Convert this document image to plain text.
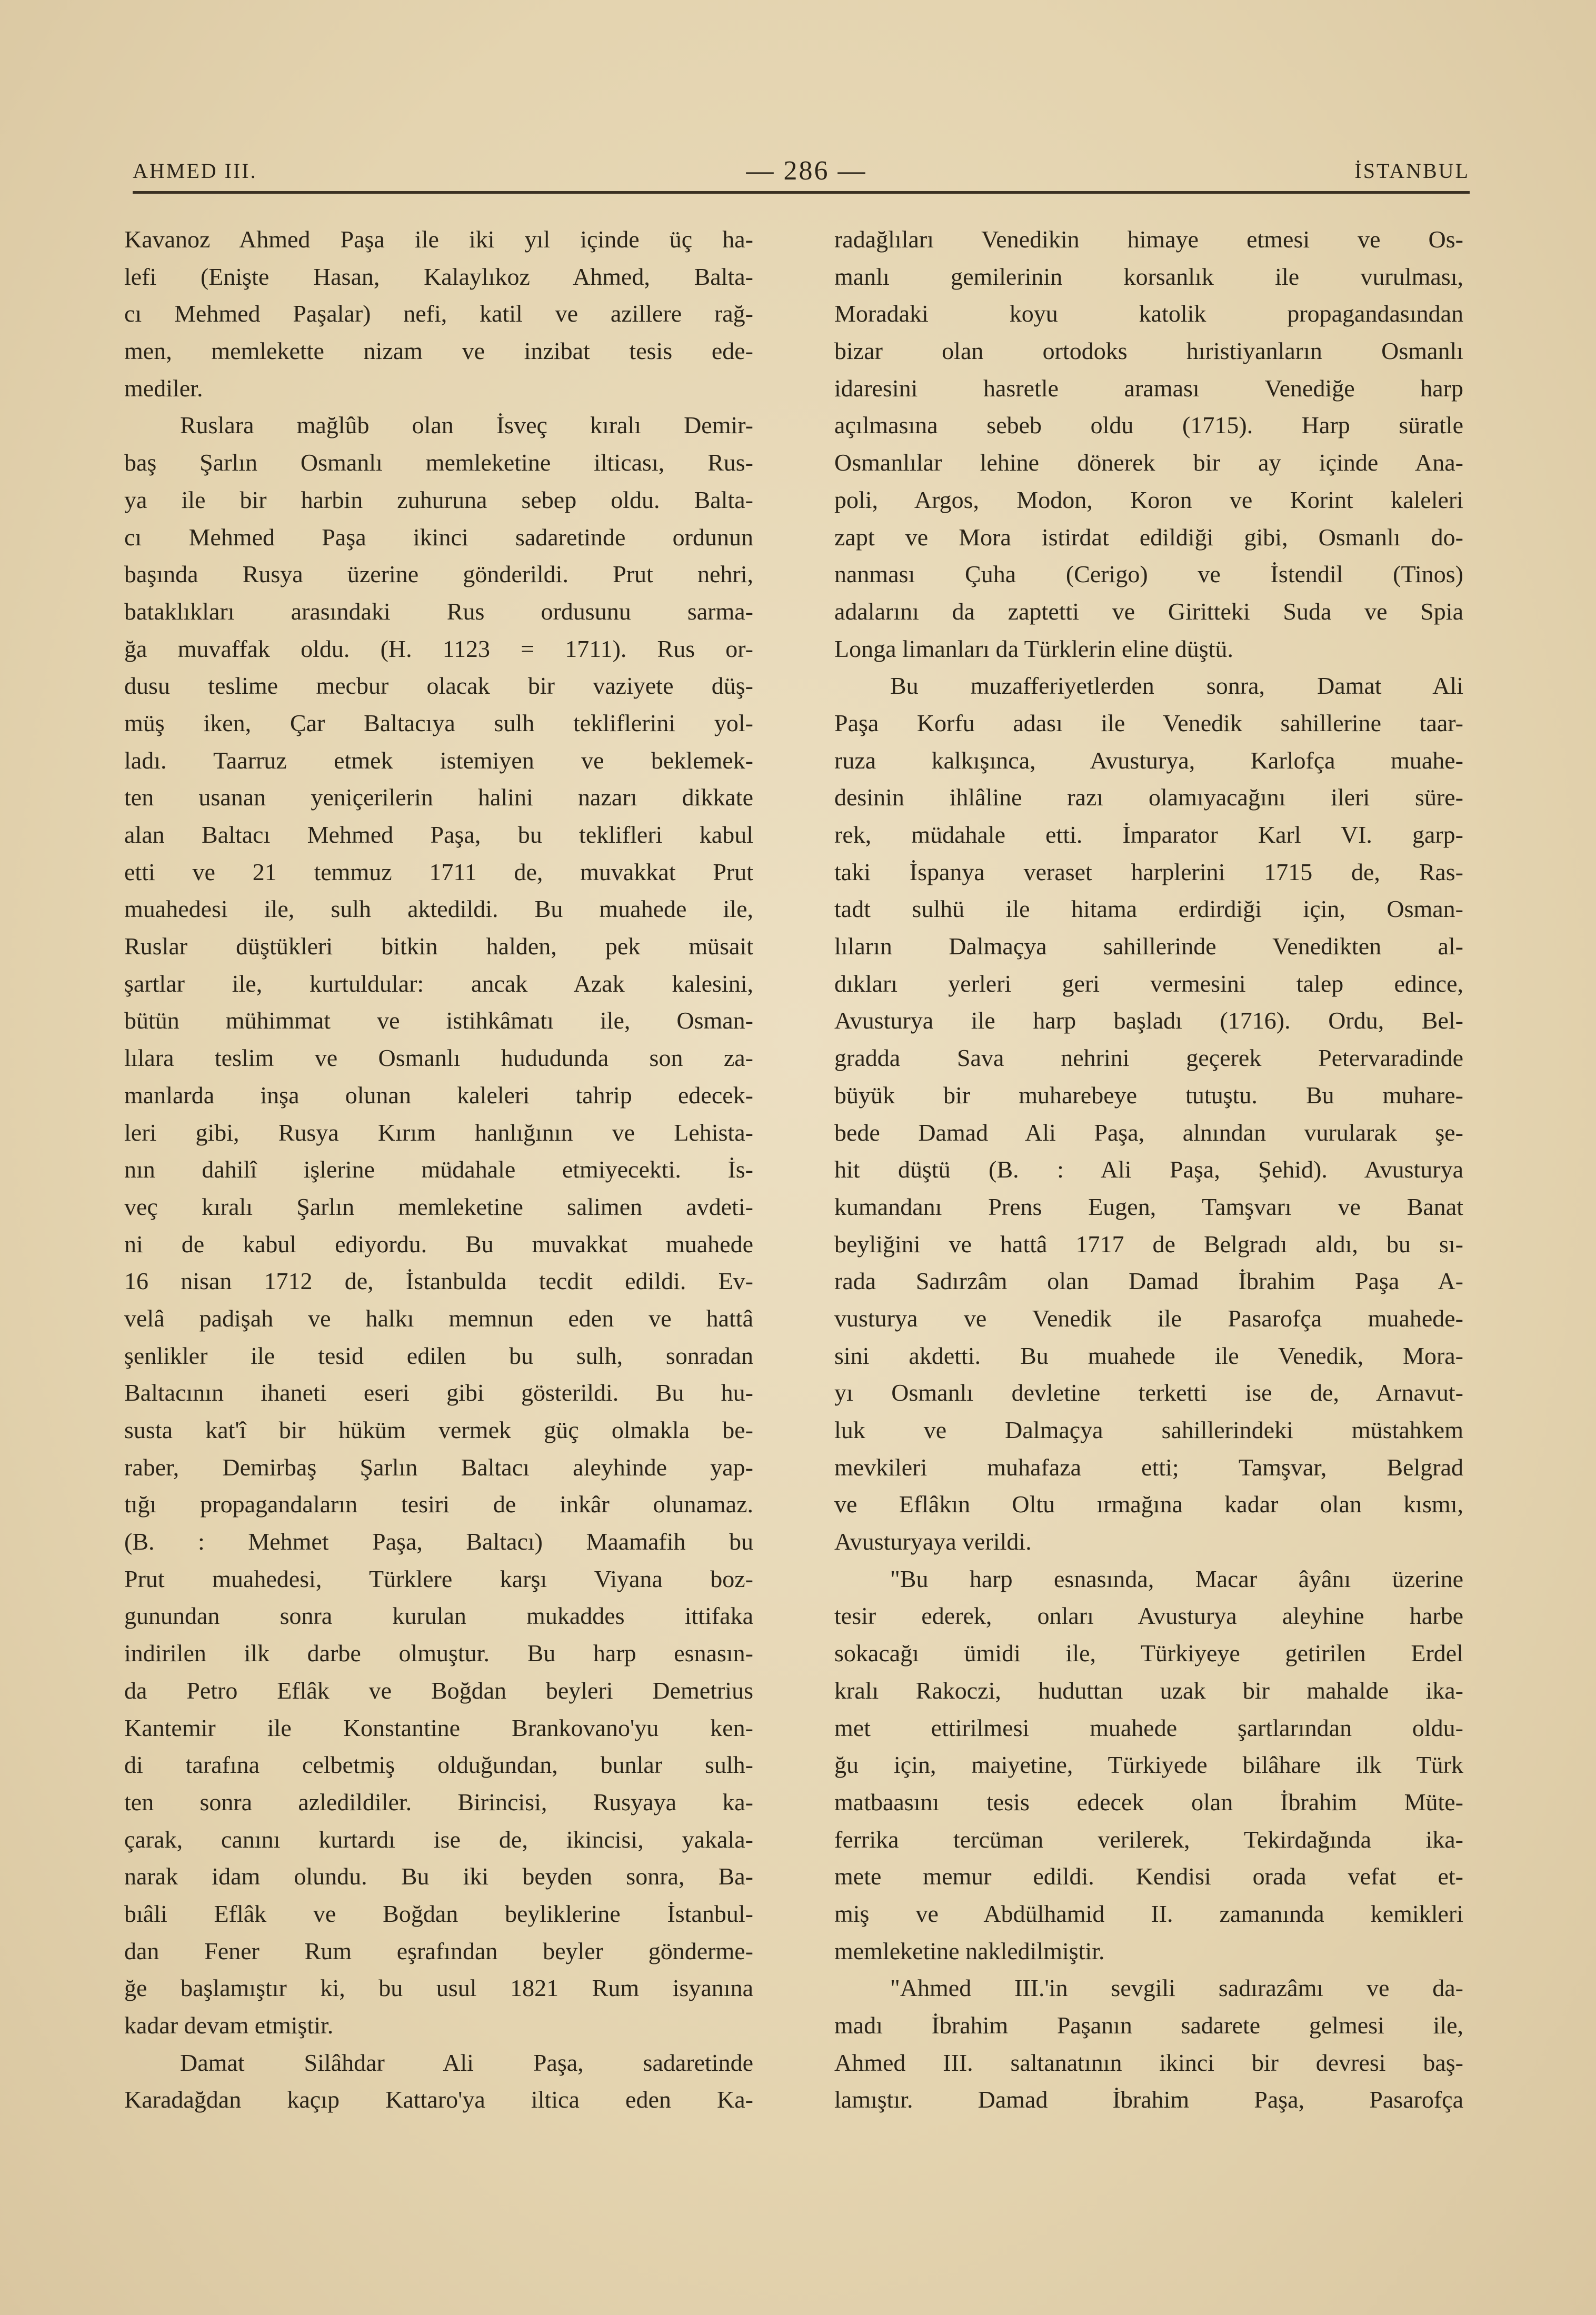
AHMED III.	— 286 —	İSTANBUL
Kavanoz Ahmed Paşa ile iki yıl içinde üç ha-
lefi (Enişte Hasan, Kalaylıkoz Ahmed, Balta-
cı Mehmed Paşalar) nefi, katil ve azillere rağ-
men, memlekette nizam ve inzibat tesis ede-
mediler.
Ruslara mağlûb olan İsveç kıralı Demir-
baş Şarlın Osmanlı memleketine ilticası, Rus-
ya ile bir harbin zuhuruna sebep oldu. Balta-
cı Mehmed Paşa ikinci sadaretinde ordunun
başında Rusya üzerine gönderildi. Prut nehri,
bataklıkları arasındaki Rus ordusunu sarma-
ğa muvaffak oldu. (H. 1123 = 1711). Rus or-
dusu teslime mecbur olacak bir vaziyete düş-
müş iken, Çar Baltacıya sulh tekliflerini yol-
ladı. Taarruz etmek istemiyen ve beklemek-
ten usanan yeniçerilerin halini nazarı dikkate
alan Baltacı Mehmed Paşa, bu teklifleri kabul
etti ve 21 temmuz 1711 de, muvakkat Prut
muahedesi ile, sulh aktedildi. Bu muahede ile,
Ruslar düştükleri bitkin halden, pek müsait
şartlar ile, kurtuldular: ancak Azak kalesini,
bütün mühimmat ve istihkâmatı ile, Osman-
lılara teslim ve Osmanlı hududunda son za-
manlarda inşa olunan kaleleri tahrip edecek-
leri gibi, Rusya Kırım hanlığının ve Lehista-
nın dahilî işlerine müdahale etmiyecekti. İs-
veç kıralı Şarlın memleketine salimen avdeti-
ni de kabul ediyordu. Bu muvakkat muahede
16 nisan 1712 de, İstanbulda tecdit edildi. Ev-
velâ padişah ve halkı memnun eden ve hattâ
şenlikler ile tesid edilen bu sulh, sonradan
Baltacının ihaneti eseri gibi gösterildi. Bu hu-
susta kat'î bir hüküm vermek güç olmakla be-
raber, Demirbaş Şarlın Baltacı aleyhinde yap-
tığı propagandaların tesiri de inkâr olunamaz.
(B. : Mehmet Paşa, Baltacı) Maamafih bu
Prut muahedesi, Türklere karşı Viyana boz-
gunundan sonra kurulan mukaddes ittifaka
indirilen ilk darbe olmuştur. Bu harp esnasın-
da Petro Eflâk ve Boğdan beyleri Demetrius
Kantemir ile Konstantine Brankovano'yu ken-
di tarafına celbetmiş olduğundan, bunlar sulh-
ten sonra azledildiler. Birincisi, Rusyaya ka-
çarak, canını kurtardı ise de, ikincisi, yakala-
narak idam olundu. Bu iki beyden sonra, Ba-
bıâli Eflâk ve Boğdan beyliklerine İstanbul-
dan Fener Rum eşrafından beyler gönderme-
ğe başlamıştır ki, bu usul 1821 Rum isyanına
kadar devam etmiştir.
Damat Silâhdar Ali Paşa, sadaretinde
Karadağdan kaçıp Kattaro'ya iltica eden Ka-
radağlıları Venedikin himaye etmesi ve Os-
manlı gemilerinin korsanlık ile vurulması,
Moradaki koyu katolik propagandasından
bizar olan ortodoks hıristiyanların Osmanlı
idaresini hasretle araması Venediğe harp
açılmasına sebeb oldu (1715). Harp süratle
Osmanlılar lehine dönerek bir ay içinde Ana-
poli, Argos, Modon, Koron ve Korint kaleleri
zapt ve Mora istirdat edildiği gibi, Osmanlı do-
nanması Çuha (Cerigo) ve İstendil (Tinos)
adalarını da zaptetti ve Giritteki Suda ve Spia
Longa limanları da Türklerin eline düştü.
Bu muzafferiyetlerden sonra, Damat Ali
Paşa Korfu adası ile Venedik sahillerine taar-
ruza kalkışınca, Avusturya, Karlofça muahe-
desinin ihlâline razı olamıyacağını ileri süre-
rek, müdahale etti. İmparator Karl VI. garp-
taki İspanya veraset harplerini 1715 de, Ras-
tadt sulhü ile hitama erdirdiği için, Osman-
lıların Dalmaçya sahillerinde Venedikten al-
dıkları yerleri geri vermesini talep edince,
Avusturya ile harp başladı (1716). Ordu, Bel-
gradda Sava nehrini geçerek Petervaradinde
büyük bir muharebeye tutuştu. Bu muhare-
bede Damad Ali Paşa, alnından vurularak şe-
hit düştü (B. : Ali Paşa, Şehid). Avusturya
kumandanı Prens Eugen, Tamşvarı ve Banat
beyliğini ve hattâ 1717 de Belgradı aldı, bu sı-
rada Sadırzâm olan Damad İbrahim Paşa A-
vusturya ve Venedik ile Pasarofça muahede-
sini akdetti. Bu muahede ile Venedik, Mora-
yı Osmanlı devletine terketti ise de, Arnavut-
luk ve Dalmaçya sahillerindeki müstahkem
mevkileri muhafaza etti; Tamşvar, Belgrad
ve Eflâkın Oltu ırmağına kadar olan kısmı,
Avusturyaya verildi.
"Bu harp esnasında, Macar âyânı üzerine
tesir ederek, onları Avusturya aleyhine harbe
sokacağı ümidi ile, Türkiyeye getirilen Erdel
kralı Rakoczi, huduttan uzak bir mahalde ika-
met ettirilmesi muahede şartlarından oldu-
ğu için, maiyetine, Türkiyede bilâhare ilk Türk
matbaasını tesis edecek olan İbrahim Müte-
ferrika tercüman verilerek, Tekirdağında ika-
mete memur edildi. Kendisi orada vefat et-
miş ve Abdülhamid II. zamanında kemikleri
memleketine nakledilmiştir.
"Ahmed III.'in sevgili sadırazâmı ve da-
madı İbrahim Paşanın sadarete gelmesi ile,
Ahmed III. saltanatının ikinci bir devresi baş-
lamıştır. Damad İbrahim Paşa, Pasarofça
